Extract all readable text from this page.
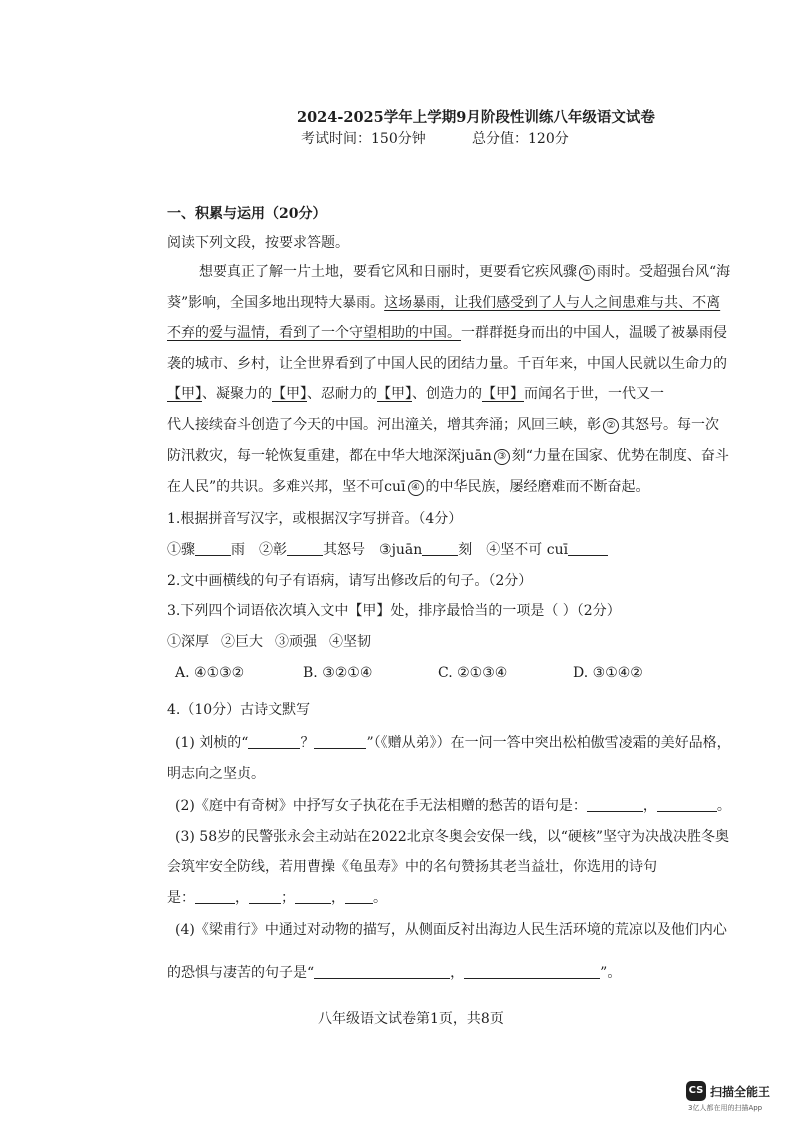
2024-2025学年上学期9月阶段性训练八年级语文试卷
考试时间：150分钟	总分值：120分
一、积累与运用（20分）
阅读下列文段，按要求答题。
想要真正了解一片土地，要看它风和日丽时，更要看它疾风骤 ① 雨时。受超强台风“海
葵”影响，全国多地出现特大暴雨。这场暴雨，让我们感受到了人与人之间患难与共、不离
不弃的爱与温情，看到了一个守望相助的中国。一群群挺身而出的中国人，温暖了被暴雨侵
袭的城市、乡村，让全世界看到了中国人民的团结力量。千百年来，中国人民就以生命力的
【甲】、凝聚力的【甲】、忍耐力的【甲】、创造力的【甲】而闻名于世，一代又一
代人接续奋斗创造了今天的中国。河出潼关，增其奔涌；风回三峡，彰 ② 其怒号。每一次
防汛救灾，每一轮恢复重建，都在中华大地深深juān ③ 刻“力量在国家、优势在制度、奋斗
在人民”的共识。多难兴邦，坚不可cuī ④ 的中华民族，屡经磨难而不断奋起。
1.根据拼音写汉字，或根据汉字写拼音。（4分）
①骤	雨 ②彰	其怒号 ③juān	刻 ④坚不可 cuī
2.文中画横线的句子有语病，请写出修改后的句子。（2分）
3.下列四个词语依次填入文中【甲】处，排序最恰当的一项是（ ）（2分）
①深厚 ②巨大 ③顽强 ④坚韧
A. ④①③②	B. ③②①④	C. ②①③④	D. ③①④②
4.（10分）古诗文默写
(1) 刘桢的“	？	”（《赠从弟》）在一问一答中突出松柏傲雪凌霜的美好品格，
明志向之坚贞。
(2)《庭中有奇树》中抒写女子执花在手无法相赠的愁苦的语句是：	，	。
(3) 58岁的民警张永会主动站在2022北京冬奥会安保一线，以“硬核”坚守为决战决胜冬奥
会筑牢安全防线，若用曹操《龟虽寿》中的名句赞扬其老当益壮，你选用的诗句
是：	， ；	， 。
(4)《梁甫行》中通过对动物的描写，从侧面反衬出海边人民生活环境的荒凉以及他们内心
的恐惧与凄苦的句子是“	，	”。
八年级语文试卷第1页，共8页
CS 扫描全能王
3亿人都在用的扫描App
